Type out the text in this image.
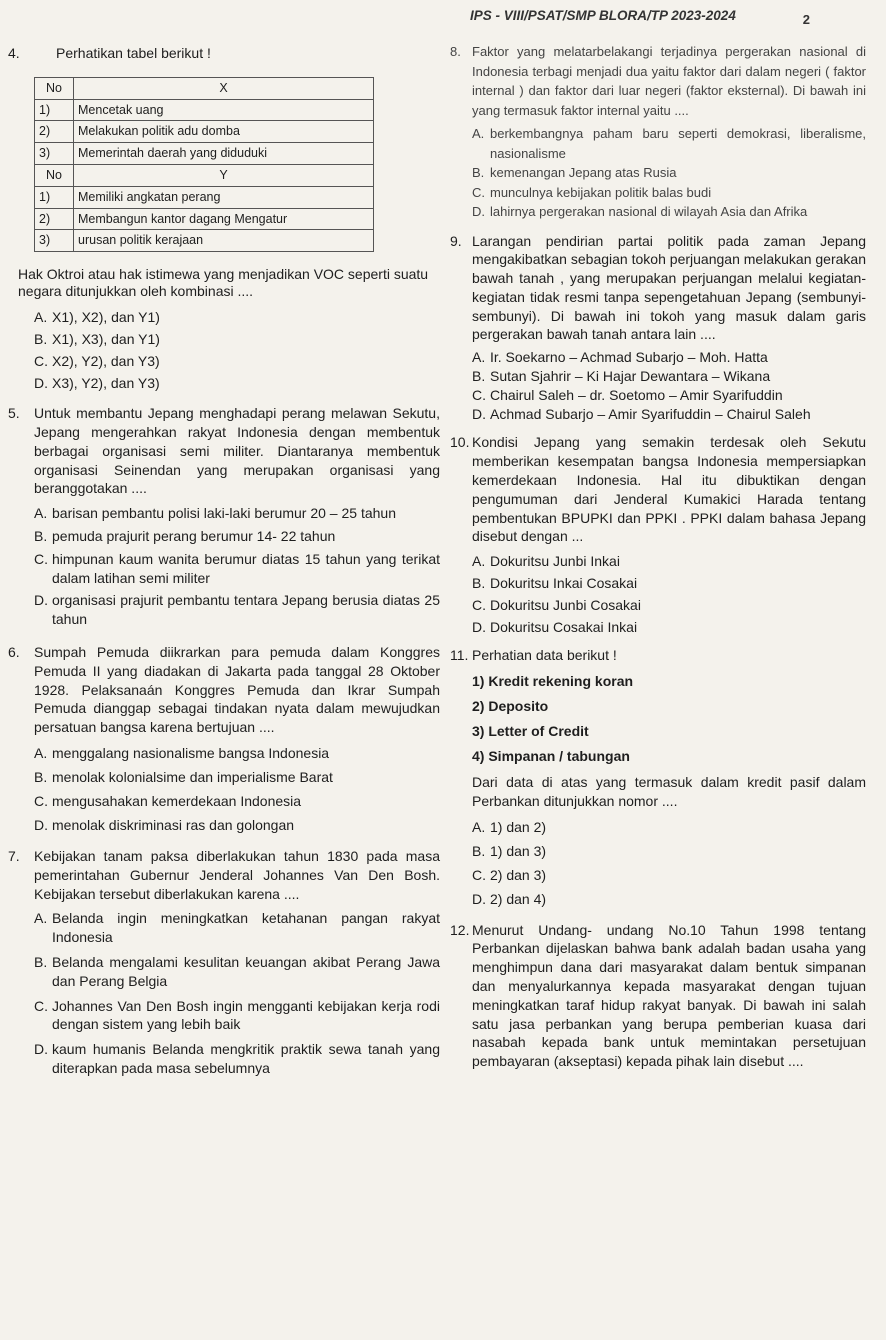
IPS - VIII/PSAT/SMP BLORA/TP 2023-2024	2
4.	Perhatikan tabel berikut !
No	X
1)	Mencetak uang
2)	Melakukan politik adu domba
3)	Memerintah daerah yang diduduki
No	Y
1)	Memiliki angkatan perang
2)	Membangun kantor dagang Mengatur
3)	urusan politik kerajaan
Hak Oktroi atau hak istimewa yang menjadikan VOC seperti suatu negara ditunjukkan oleh kombinasi ....
A. X1), X2), dan Y1)
B. X1), X3), dan Y1)
C. X2), Y2), dan Y3)
D. X3), Y2), dan Y3)
5. Untuk membantu Jepang menghadapi perang melawan Sekutu, Jepang mengerahkan rakyat Indonesia dengan membentuk berbagai organisasi semi militer. Diantaranya membentuk organisasi Seinendan yang merupakan organisasi yang beranggotakan ....
A. barisan pembantu polisi laki-laki berumur 20 – 25 tahun
B. pemuda prajurit perang berumur 14- 22 tahun
C. himpunan kaum wanita berumur diatas 15 tahun yang terikat dalam latihan semi militer
D. organisasi prajurit pembantu tentara Jepang berusia diatas 25 tahun
6. Sumpah Pemuda diikrarkan para pemuda dalam Konggres Pemuda II yang diadakan di Jakarta pada tanggal 28 Oktober 1928. Pelaksanaán Konggres Pemuda dan Ikrar Sumpah Pemuda dianggap sebagai tindakan nyata dalam mewujudkan persatuan bangsa karena bertujuan ....
A. menggalang nasionalisme bangsa Indonesia
B. menolak kolonialsime dan imperialisme Barat
C. mengusahakan kemerdekaan Indonesia
D. menolak diskriminasi ras dan golongan
7. Kebijakan tanam paksa diberlakukan tahun 1830 pada masa pemerintahan Gubernur Jenderal Johannes Van Den Bosh. Kebijakan tersebut diberlakukan karena ....
A. Belanda ingin meningkatkan ketahanan pangan rakyat Indonesia
B. Belanda mengalami kesulitan keuangan akibat Perang Jawa dan Perang Belgia
C. Johannes Van Den Bosh ingin mengganti kebijakan kerja rodi dengan sistem yang lebih baik
D. kaum humanis Belanda mengkritik praktik sewa tanah yang diterapkan pada masa sebelumnya
8. Faktor yang melatarbelakangi terjadinya pergerakan nasional di Indonesia terbagi menjadi dua yaitu faktor dari dalam negeri ( faktor internal ) dan faktor dari luar negeri (faktor eksternal). Di bawah ini yang termasuk faktor internal yaitu ....
A. berkembangnya paham baru seperti demokrasi, liberalisme, nasionalisme
B. kemenangan Jepang atas Rusia
C. munculnya kebijakan politik balas budi
D. lahirnya pergerakan nasional di wilayah Asia dan Afrika
9. Larangan pendirian partai politik pada zaman Jepang mengakibatkan sebagian tokoh perjuangan melakukan gerakan bawah tanah , yang merupakan perjuangan melalui kegiatan-kegiatan tidak resmi tanpa sepengetahuan Jepang (sembunyi-sembunyi). Di bawah ini tokoh yang masuk dalam garis pergerakan bawah tanah antara lain ....
A. Ir. Soekarno – Achmad Subarjo – Moh. Hatta
B. Sutan Sjahrir – Ki Hajar Dewantara – Wikana
C. Chairul Saleh – dr. Soetomo – Amir Syarifuddin
D. Achmad Subarjo – Amir Syarifuddin – Chairul Saleh
10. Kondisi Jepang yang semakin terdesak oleh Sekutu memberikan kesempatan bangsa Indonesia mempersiapkan kemerdekaan Indonesia. Hal itu dibuktikan dengan pengumuman dari Jenderal Kumakici Harada tentang pembentukan BPUPKI dan PPKI . PPKI dalam bahasa Jepang disebut dengan ...
A. Dokuritsu Junbi Inkai
B. Dokuritsu Inkai Cosakai
C. Dokuritsu Junbi Cosakai
D. Dokuritsu Cosakai Inkai
11. Perhatian data berikut !
1) Kredit rekening koran
2) Deposito
3) Letter of Credit
4) Simpanan / tabungan
Dari data di atas yang termasuk dalam kredit pasif dalam Perbankan ditunjukkan nomor ....
A. 1) dan 2)
B. 1) dan 3)
C. 2) dan 3)
D. 2) dan 4)
12. Menurut Undang- undang No.10 Tahun 1998 tentang Perbankan dijelaskan bahwa bank adalah badan usaha yang menghimpun dana dari masyarakat dalam bentuk simpanan dan menyalurkannya kepada masyarakat dengan tujuan meningkatkan taraf hidup rakyat banyak. Di bawah ini salah satu jasa perbankan yang berupa pemberian kuasa dari nasabah kepada bank untuk memintakan persetujuan pembayaran (akseptasi) kepada pihak lain disebut ....
